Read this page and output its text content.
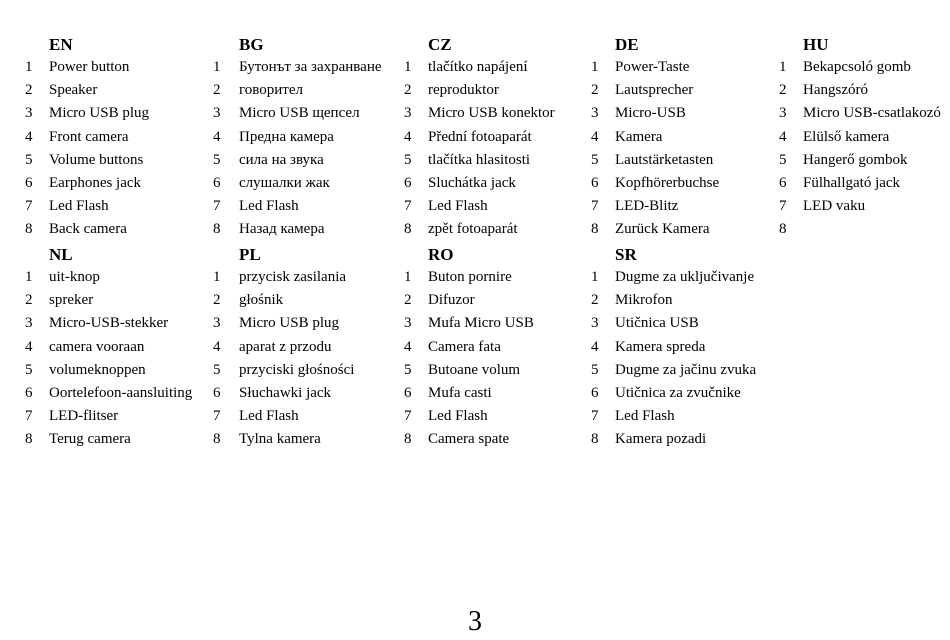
EN	BG	CZ	DE	HU
1 Power button	1 Бутонът за захранване 1 tlačítko napájení	1 Power-Taste	1 Bekapcsoló gomb
2 Speaker	2 говорител	2 reproduktor	2 Lautsprecher	2 Hangszóró
3 Micro USB plug	3 Micro USB щепсел	3 Micro USB konektor 3 Micro-USB	3 Micro USB-csatlakozó
4 Front camera	4 Предна камера	4 Přední fotoaparát	4 Kamera	4 Elülső kamera
5 Volume buttons	5 сила на звука	5 tlačítka hlasitosti	5 Lautstärketasten	5 Hangerő gombok
6 Earphones jack	6 слушалки жак	6 Sluchátka jack	6 Kopfhörerbuchse	6 Fülhallgató jack
7 Led Flash	7 Led Flash	7 Led Flash	7 LED-Blitz	7 LED vaku
8 Back camera	8 Назад камера	8 zpět fotoaparát	8 Zurück Kamera	8
NL	PL	RO	SR
1 uit-knop	1 przycisk zasilania	1 Buton pornire	1 Dugme za uključivanje
2 spreker	2 głośnik	2 Difuzor	2 Mikrofon
3 Micro-USB-stekker	3 Micro USB plug	3 Mufa Micro USB	3 Utičnica USB
4 camera vooraan	4 aparat z przodu	4 Camera fata	4 Kamera spreda
5 volumeknoppen	5 przyciski głośności	5 Butoane volum	5 Dugme za jačinu zvuka
6 Oortelefoon-aansluiting 6 Słuchawki jack	6 Mufa casti	6 Utičnica za zvučnike
7 LED-flitser	7 Led Flash	7 Led Flash	7 Led Flash
8 Terug camera	8 Tylna kamera	8 Camera spate	8 Kamera pozadi
3
